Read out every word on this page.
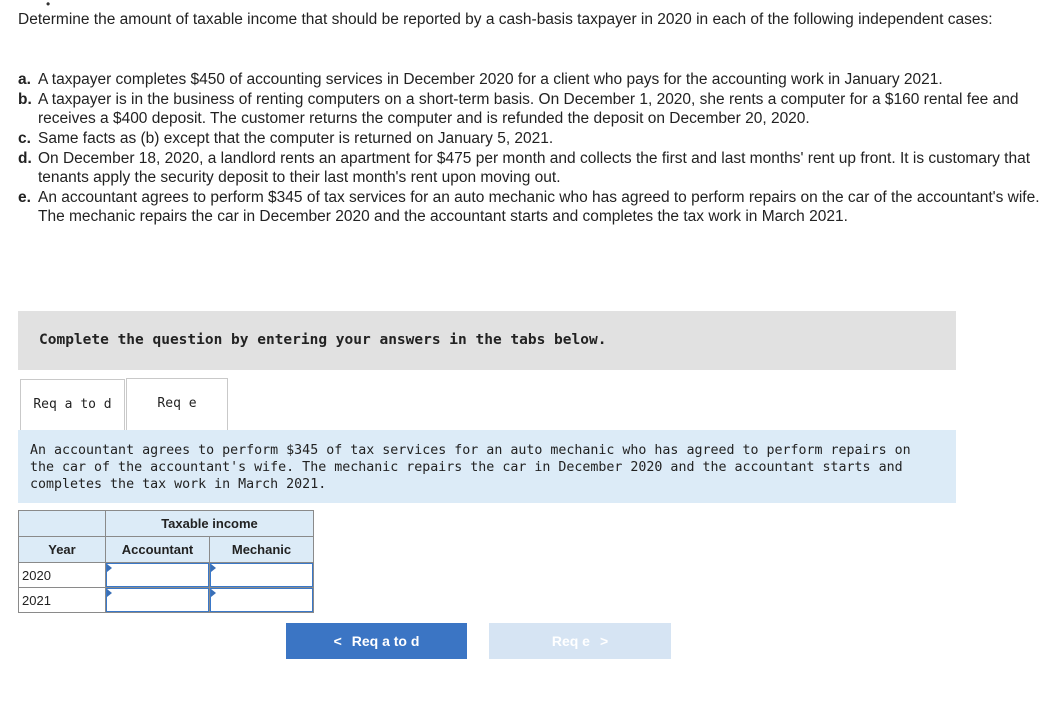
•
Determine the amount of taxable income that should be reported by a cash-basis taxpayer in 2020 in each of the following independent cases:
a. A taxpayer completes $450 of accounting services in December 2020 for a client who pays for the accounting work in January 2021.
b. A taxpayer is in the business of renting computers on a short-term basis. On December 1, 2020, she rents a computer for a $160 rental fee and receives a $400 deposit. The customer returns the computer and is refunded the deposit on December 20, 2020.
c. Same facts as (b) except that the computer is returned on January 5, 2021.
d. On December 18, 2020, a landlord rents an apartment for $475 per month and collects the first and last months' rent up front. It is customary that tenants apply the security deposit to their last month's rent upon moving out.
e. An accountant agrees to perform $345 of tax services for an auto mechanic who has agreed to perform repairs on the car of the accountant's wife. The mechanic repairs the car in December 2020 and the accountant starts and completes the tax work in March 2021.
Complete the question by entering your answers in the tabs below.
Req a to d	Req e
An accountant agrees to perform $345 of tax services for an auto mechanic who has agreed to perform repairs on the car of the accountant's wife. The mechanic repairs the car in December 2020 and the accountant starts and completes the tax work in March 2021.
	Taxable income	
Year	Accountant	Mechanic
2020	

2021	

< Req a to d	Req e >
